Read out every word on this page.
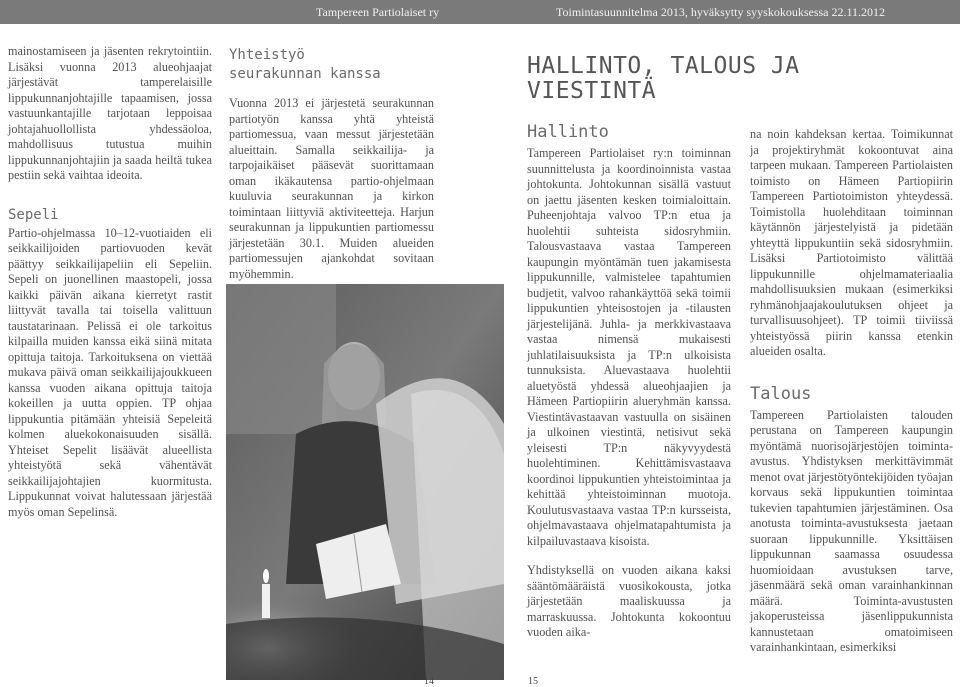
Tampereen Partiolaiset ry	Toimintasuunnitelma 2013, hyväksytty syyskokouksessa 22.11.2012

mainostamiseen ja jäsenten rekrytointiin. Lisäksi vuonna 2013 alueohjaajat järjestävät tamperelaisille lippukunnanjohtajille tapaamisen, jossa vastuunkantajille tarjotaan leppoisaa johtajahuollollista yhdessäoloa, mahdollisuus tutustua muihin lippukunnanjohtajiin ja saada heiltä tukea pestiin sekä vaihtaa ideoita.

Sepeli

Partio-ohjelmassa 10–12-vuotiaiden eli seikkailijoiden partiovuoden kevät päättyy seikkailijapeliin eli Sepeliin. Sepeli on juonellinen maastopeli, jossa kaikki päivän aikana kierretyt rastit liittyvät tavalla tai toisella valittuun taustatarinaan. Pelissä ei ole tarkoitus kilpailla muiden kanssa eikä siinä mitata opittuja taitoja. Tarkoituksena on viettää mukava päivä oman seikkailijajoukkueen kanssa vuoden aikana opittuja taitoja kokeillen ja uutta oppien. TP ohjaa lippukuntia pitämään yhteisiä Sepeleitä kolmen aluekokonaisuuden sisällä. Yhteiset Sepelit lisäävät alueellista yhteistyötä sekä vähentävät seikkailijajohtajien kuormitusta. Lippukunnat voivat halutessaan järjestää myös oman Sepelinsä.

Yhteistyö
seurakunnan kanssa

Vuonna 2013 ei järjestetä seurakunnan partiotyön kanssa yhtä yhteistä partiomessua, vaan messut järjestetään alueittain. Samalla seikkailija- ja tarpojaikäiset pääsevät suorittamaan oman ikäkautensa partio-ohjelmaan kuuluvia seurakunnan ja kirkon toimintaan liittyviä aktiviteetteja. Harjun seurakunnan ja lippukuntien partiomessu järjestetään 30.1. Muiden alueiden partiomessujen ajankohdat sovitaan myöhemmin.

HALLINTO, TALOUS JA
VIESTINTÄ
Hallinto

Tampereen Partiolaiset ry:n toiminnan suunnittelusta ja koordinoinnista vastaa johtokunta. Johtokunnan sisällä vastuut on jaettu jäsenten kesken toimialoittain. Puheenjohtaja valvoo TP:n etua ja huolehtii suhteista sidosryhmiin. Talousvastaava vastaa Tampereen kaupungin myöntämän tuen jakamisesta lippukunnille, valmistelee tapahtumien budjetit, valvoo rahankäyttöä sekä toimii lippukuntien yhteisostojen ja -tilausten järjestelijänä. Juhla- ja merkkivastaava vastaa nimensä mukaisesti juhlatilaisuuksista ja TP:n ulkoisista tunnuksista. Aluevastaava huolehtii aluetyöstä yhdessä alueohjaajien ja Hämeen Partiopiirin alueryhmän kanssa. Viestintävastaavan vastuulla on sisäinen ja ulkoinen viestintä, netisivut sekä yleisesti TP:n näkyvyydestä huolehtiminen. Kehittämisvastaava koordinoi lippukuntien yhteistoimintaa ja kehittää yhteistoiminnan muotoja. Koulutusvastaava vastaa TP:n kursseista, ohjelmavastaava ohjelmatapahtumista ja kilpailuvastaava kisoista.

Yhdistyksellä on vuoden aikana kaksi sääntömääräistä vuosikokousta, jotka järjestetään maaliskuussa ja marraskuussa. Johtokunta kokoontuu vuoden aika-

na noin kahdeksan kertaa. Toimikunnat ja projektiryhmät kokoontuvat aina tarpeen mukaan. Tampereen Partiolaisten toimisto on Hämeen Partiopiirin Tampereen Partiotoimiston yhteydessä. Toimistolla huolehditaan toiminnan käytännön järjestelyistä ja pidetään yhteyttä lippukuntiin sekä sidosryhmiin. Lisäksi Partiotoimisto välittää lippukunnille ohjelmamateriaalia mahdollisuuksien mukaan (esimerkiksi ryhmänohjaajakoulutuksen ohjeet ja turvallisuusohjeet). TP toimii tiiviissä yhteistyössä piirin kanssa etenkin alueiden osalta.

Talous

Tampereen Partiolaisten talouden perustana on Tampereen kaupungin myöntämä nuorisojärjestöjen toiminta-avustus. Yhdistyksen merkittävimmät menot ovat järjestötyöntekijöiden työajan korvaus sekä lippukuntien toimintaa tukevien tapahtumien järjestäminen. Osa anotusta toiminta-avustuksesta jaetaan suoraan lippukunnille. Yksittäisen lippukunnan saamassa osuudessa huomioidaan avustuksen tarve, jäsenmäärä sekä oman varainhankinnan määrä. Toiminta-avustusten jakoperusteissa jäsenlippukunnista kannustetaan omatoimiseen varainhankintaan, esimerkiksi

14	15
